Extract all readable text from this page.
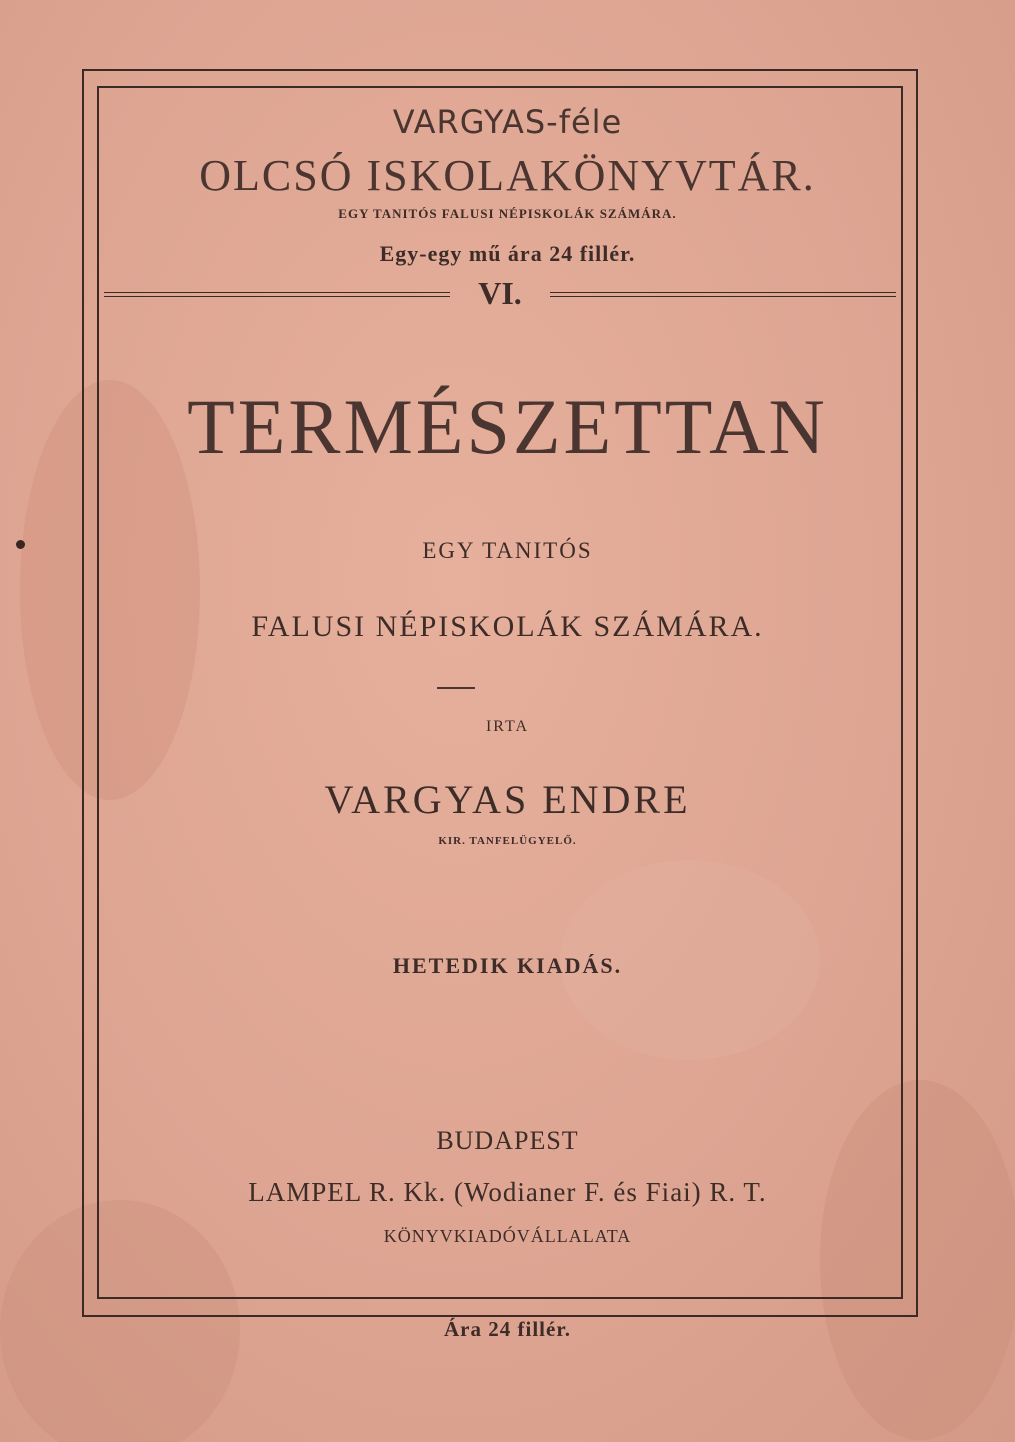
VARGYAS-féle
OLCSÓ ISKOLAKÖNYVTÁR.
EGY TANITÓS FALUSI NÉPISKOLÁK SZÁMÁRA.
Egy-egy mű ára 24 fillér.
VI.
TERMÉSZETTAN
EGY TANITÓS
FALUSI NÉPISKOLÁK SZÁMÁRA.
IRTA
VARGYAS ENDRE
KIR. TANFELÜGYELŐ.
HETEDIK KIADÁS.
BUDAPEST
LAMPEL R. Kk. (Wodianer F. és Fiai) R. T.
KÖNYVKIADÓVÁLLALATA
Ára 24 fillér.
